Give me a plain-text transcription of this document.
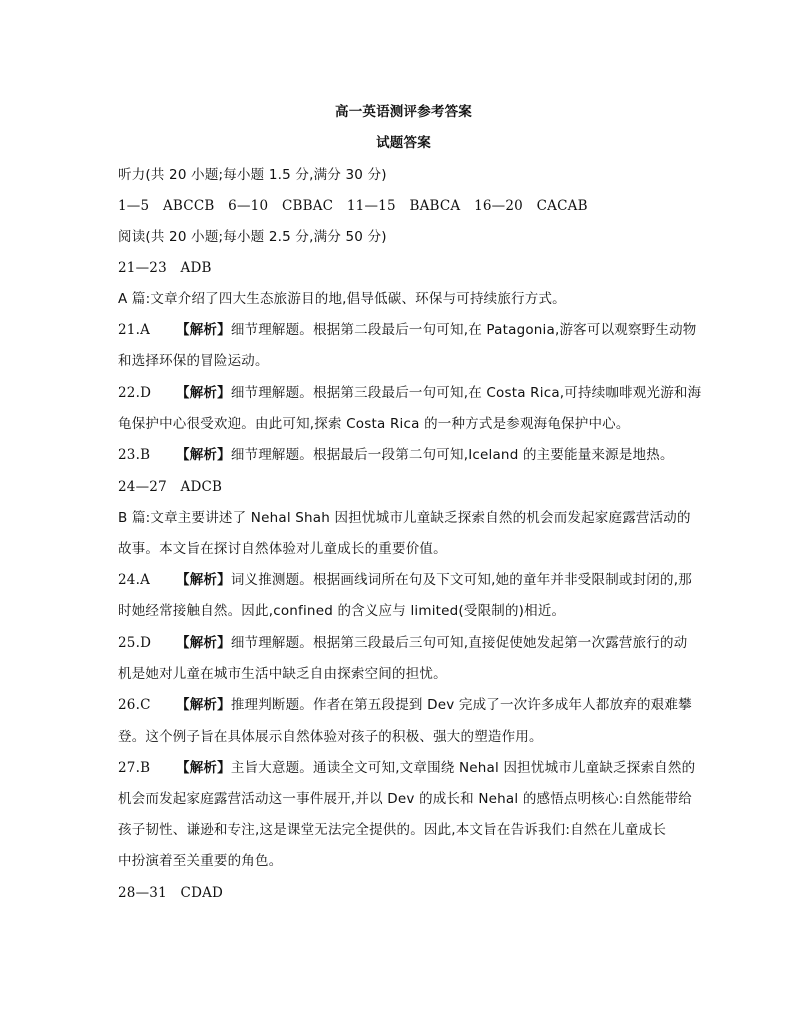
高一英语测评参考答案
试题答案
听力(共 20 小题;每小题 1.5 分,满分 30 分)
1—5　ABCCB　6—10　CBBAC　11—15　BABCA　16—20　CACAB
阅读(共 20 小题;每小题 2.5 分,满分 50 分)
21—23　ADB
A 篇:文章介绍了四大生态旅游目的地,倡导低碳、环保与可持续旅行方式。
21.A 【解析】细节理解题。根据第二段最后一句可知,在 Patagonia,游客可以观察野生动物
和选择环保的冒险运动。
22.D 【解析】细节理解题。根据第三段最后一句可知,在 Costa Rica,可持续咖啡观光游和海
龟保护中心很受欢迎。由此可知,探索 Costa Rica 的一种方式是参观海龟保护中心。
23.B 【解析】细节理解题。根据最后一段第二句可知,Iceland 的主要能量来源是地热。
24—27　ADCB
B 篇:文章主要讲述了 Nehal Shah 因担忧城市儿童缺乏探索自然的机会而发起家庭露营活动的
故事。本文旨在探讨自然体验对儿童成长的重要价值。
24.A 【解析】词义推测题。根据画线词所在句及下文可知,她的童年并非受限制或封闭的,那
时她经常接触自然。因此,confined 的含义应与 limited(受限制的)相近。
25.D 【解析】细节理解题。根据第三段最后三句可知,直接促使她发起第一次露营旅行的动
机是她对儿童在城市生活中缺乏自由探索空间的担忧。
26.C 【解析】推理判断题。作者在第五段提到 Dev 完成了一次许多成年人都放弃的艰难攀
登。这个例子旨在具体展示自然体验对孩子的积极、强大的塑造作用。
27.B 【解析】主旨大意题。通读全文可知,文章围绕 Nehal 因担忧城市儿童缺乏探索自然的
机会而发起家庭露营活动这一事件展开,并以 Dev 的成长和 Nehal 的感悟点明核心:自然能带给
孩子韧性、谦逊和专注,这是课堂无法完全提供的。因此,本文旨在告诉我们:自然在儿童成长
中扮演着至关重要的角色。
28—31　CDAD
